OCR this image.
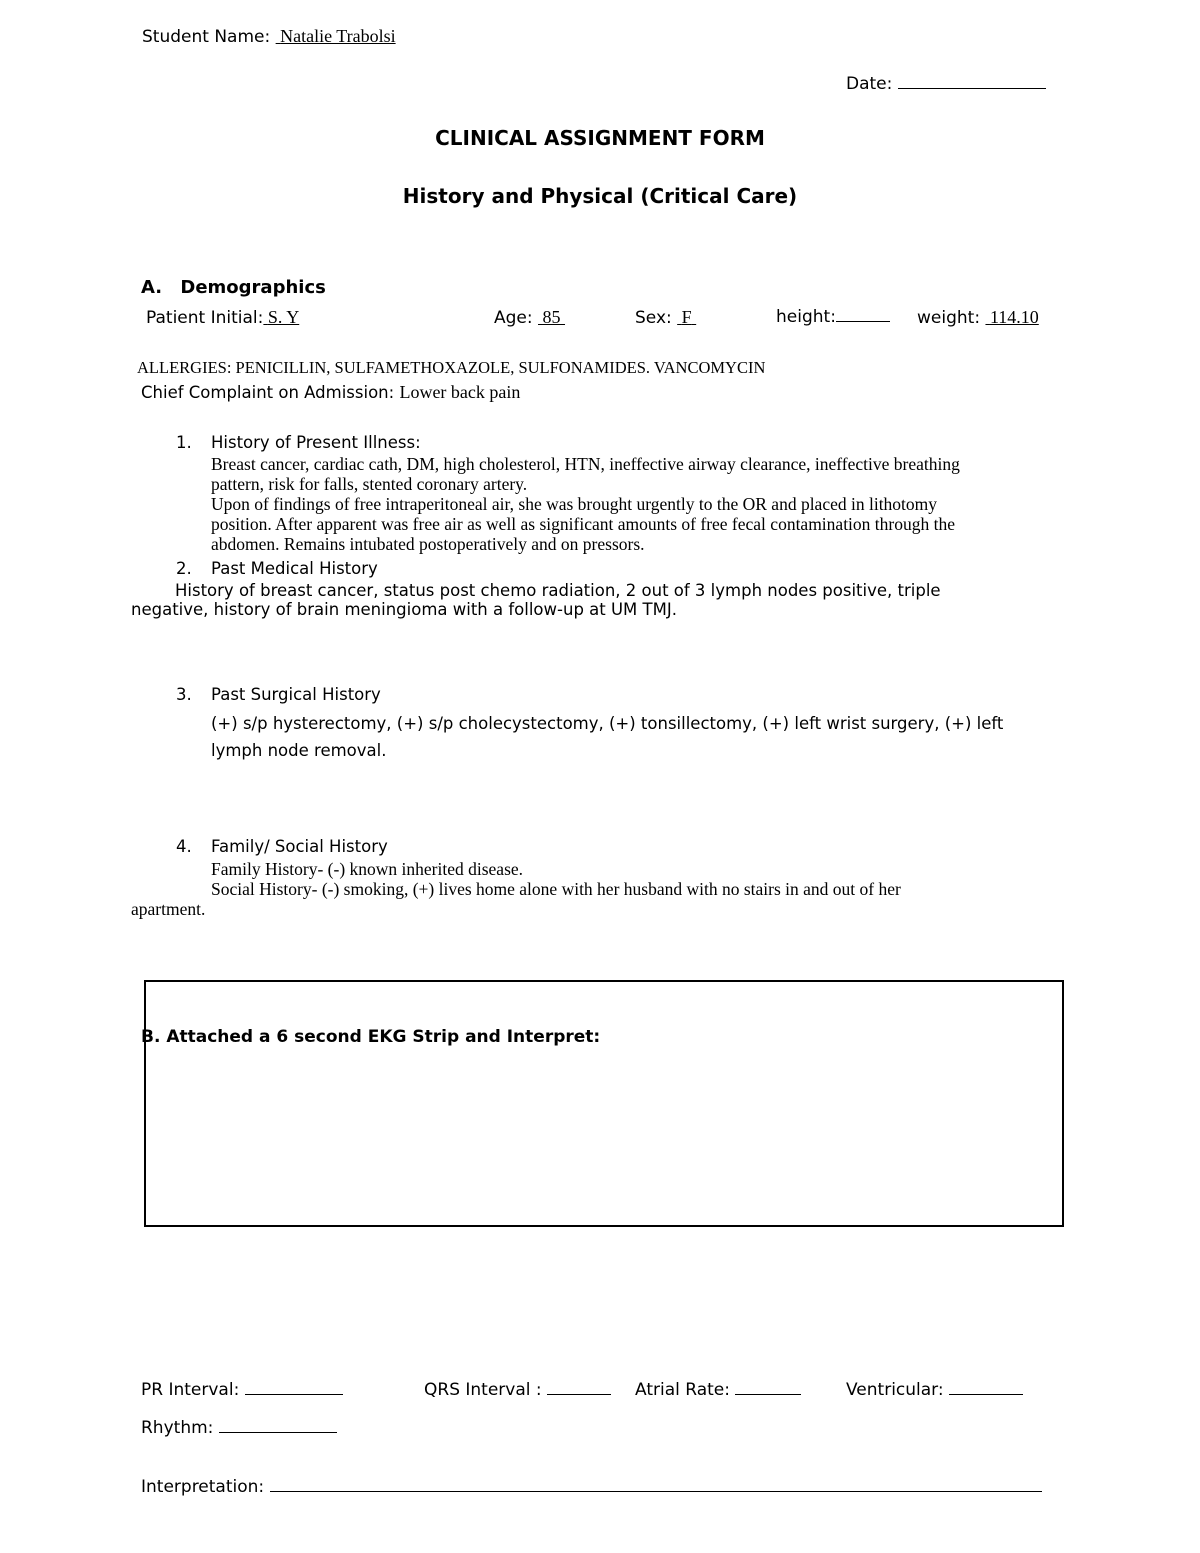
Student Name: Natalie Trabolsi
Date:
CLINICAL ASSIGNMENT FORM
History and Physical (Critical Care)
A. Demographics
Patient Initial: S. Y	Age: 85	Sex: F	height:	weight: 114.10
ALLERGIES: PENICILLIN, SULFAMETHOXAZOLE, SULFONAMIDES. VANCOMYCIN
Chief Complaint on Admission: Lower back pain
1. History of Present Illness:
Breast cancer, cardiac cath, DM, high cholesterol, HTN, ineffective airway clearance, ineffective breathing
pattern, risk for falls, stented coronary artery.
Upon of findings of free intraperitoneal air, she was brought urgently to the OR and placed in lithotomy
position. After apparent was free air as well as significant amounts of free fecal contamination through the
abdomen. Remains intubated postoperatively and on pressors.
2. Past Medical History
History of breast cancer, status post chemo radiation, 2 out of 3 lymph nodes positive, triple
negative, history of brain meningioma with a follow-up at UM TMJ.
3. Past Surgical History
(+) s/p hysterectomy, (+) s/p cholecystectomy, (+) tonsillectomy, (+) left wrist surgery, (+) left
lymph node removal.
4. Family/ Social History
Family History- (-) known inherited disease.
Social History- (-) smoking, (+) lives home alone with her husband with no stairs in and out of her
apartment.
B. Attached a 6 second EKG Strip and Interpret:
PR Interval:	QRS Interval :	Atrial Rate:	Ventricular:
Rhythm:
Interpretation:
